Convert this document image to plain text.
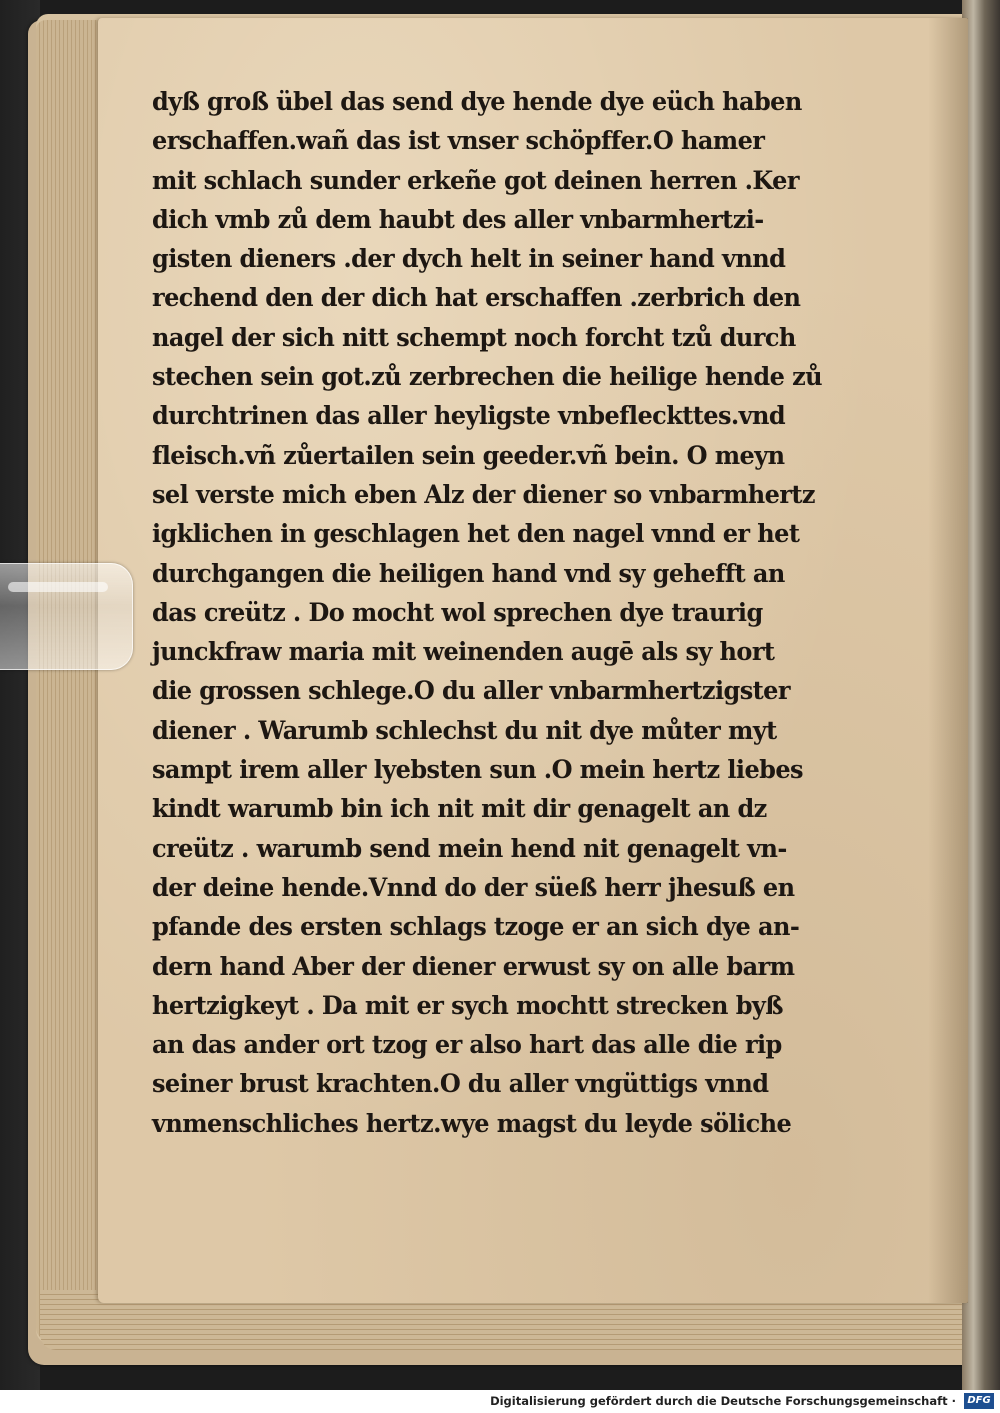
dyß groß übel das send dye hende dye eüch haben
erschaffen.wañ das ist vnser schöpffer.O hamer
mit schlach sunder erkeñe got deinen herren .Ker
dich vmb zů dem haubt des aller vnbarmhertzi-
gisten dieners .der dych helt in seiner hand vnnd
rechend den der dich hat erschaffen .zerbrich den
nagel der sich nitt schempt noch forcht tzů durch
stechen sein got.zů zerbrechen die heilige hende zů
durchtrinen das aller heyligste vnbefleckttes.vnd
fleisch.vñ zůertailen sein geeder.vñ bein. O meyn
sel verste mich eben Alz der diener so vnbarmhertz
igklichen in geschlagen het den nagel vnnd er het
durchgangen die heiligen hand vnd sy gehefft an
das creütz . Do mocht wol sprechen dye traurig
junckfraw maria mit weinenden augē als sy hort
die grossen schlege.O du aller vnbarmhertzigster
diener . Warumb schlechst du nit dye můter myt
sampt irem aller lyebsten sun .O mein hertz liebes
kindt warumb bin ich nit mit dir genagelt an dz
creütz . warumb send mein hend nit genagelt vn-
der deine hende.Vnnd do der süeß herr jhesuß en
pfande des ersten schlags tzoge er an sich dye an-
dern hand Aber der diener erwust sy on alle barm
hertzigkeyt . Da mit er sych mochtt strecken byß
an das ander ort tzog er also hart das alle die rip
seiner brust krachten.O du aller vngüttigs vnnd
vnmenschliches hertz.wye magst du leyde söliche
Digitalisierung gefördert durch die Deutsche Forschungsgemeinschaft ·	DFG
